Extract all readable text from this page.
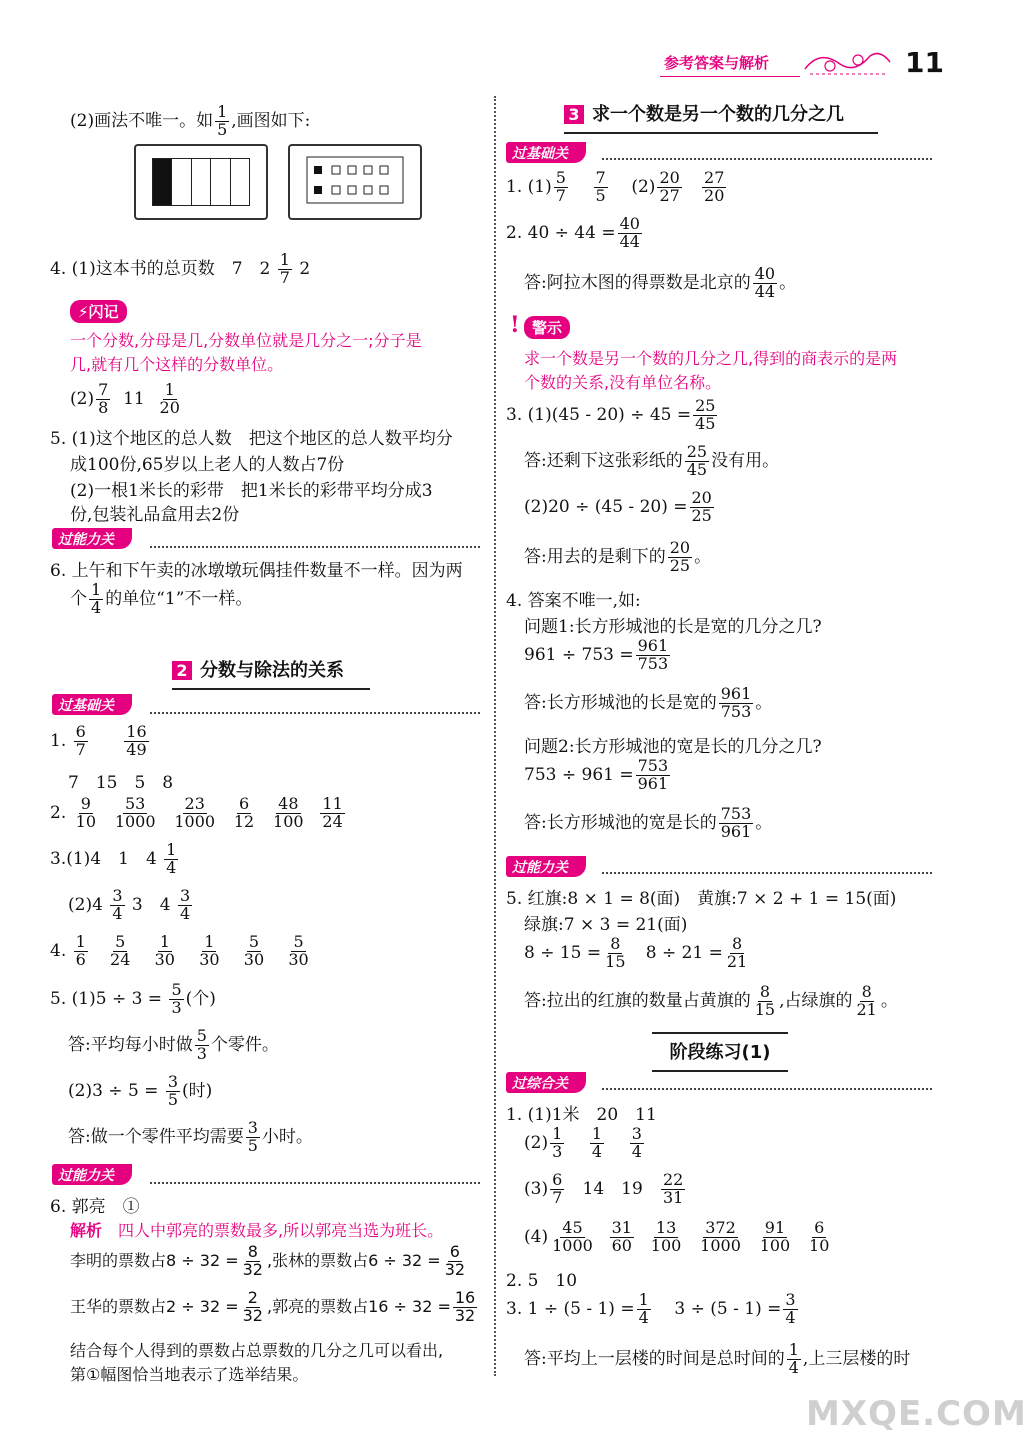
参考答案与解析	11
(2)画法不唯一。如 $\frac{1}{5}$ ,画图如下:
4. (1)这本书的总页数　7　$2 \frac{1}{7} 2$
⚡闪记
一个分数,分母是几,分数单位就是几分之一;分子是
几,就有几个这样的分数单位。
$(2) \frac{7}{8} 11 \frac{1}{20}$
5. (1)这个地区的总人数　把这个地区的总人数平均分
成100份,65岁以上老人的人数占7份
(2)一根1米长的彩带　把1米长的彩带平均分成3
份,包装礼品盒用去2份
过能力关
6. 上午和下午卖的冰墩墩玩偶挂件数量不一样。因为两
个 $\frac{1}{4}$ 的单位“1”不一样。
2 分数与除法的关系
过基础关
1. $\frac{6}{7}$
$\frac{16}{49}$
7　15　5　8
2. $\frac{9}{10}$
$\frac{53}{1000}$
$\frac{23}{1000}$
$\frac{6}{12}$
$\frac{48}{100}$
$\frac{11}{24}$
3.(1)4　1　$4 \frac{1}{4}$
$(2)4 \frac{3}{4} 3$　$4 \frac{3}{4}$
4. $\frac{1}{6}$
$\frac{5}{24}$
$\frac{1}{30}$
$\frac{1}{30}$
$\frac{5}{30}$
$\frac{5}{30}$
5. $(1)5 \div 3 = \frac{5}{3}$ (个)
答:平均每小时做 $\frac{5}{3}$ 个零件。
$(2)3 \div 5 = \frac{3}{5}$ (时)
答:做一个零件平均需要 $\frac{3}{5}$ 小时。
过能力关
6. 郭亮　①
解析　 四人中郭亮的票数最多,所以郭亮当选为班长。
李明的票数占$8 \div 32 = \frac{8}{32}$ ,张林的票数占$6 \div 32 = \frac{6}{32}$
王华的票数占$2 \div 32 = \frac{2}{32}$ ,郭亮的票数占$16 \div 32 = \frac{16}{32}$
结合每个人得到的票数占总票数的几分之几可以看出,
第①幅图恰当地表示了选举结果。
3 求一个数是另一个数的几分之几
过基础关
1. $(1) \frac{5}{7}$
$\frac{7}{5} (2) \frac{20}{27}$
$\frac{27}{20}$
2. $40 \div 44 = \frac{40}{44}$
答:阿拉木图的得票数是北京的 $\frac{40}{44}$ 。
警示
!
求一个数是另一个数的几分之几,得到的商表示的是两
个数的关系,没有单位名称。
3. $(1)(45 - 20) \div 45 = \frac{25}{45}$
答:还剩下这张彩纸的 $\frac{25}{45}$ 没有用。
$(2)20 \div (45 - 20) = \frac{20}{25}$
答:用去的是剩下的 $\frac{20}{25}$ 。
4. 答案不唯一,如:
问题1:长方形城池的长是宽的几分之几?
$961 \div 753 = \frac{961}{753}$
答:长方形城池的长是宽的 $\frac{961}{753}$ 。
问题2:长方形城池的宽是长的几分之几?
$753 \div 961 = \frac{753}{961}$
答:长方形城池的宽是长的 $\frac{753}{961}$ 。
过能力关
5. 红旗:8 × 1 = 8(面)　黄旗:7 × 2 + 1 = 15(面)
绿旗:7 × 3 = 21(面)
$8 \div 15 = \frac{8}{15} 8 \div 21 = \frac{8}{21}$
答:拉出的红旗的数量占黄旗的 $\frac{8}{15}$ ,占绿旗的 $\frac{8}{21}$ 。
阶段练习(1)
过综合关
1. (1)1米　20　11
$(2) \frac{1}{3}$
$\frac{1}{4}$
$\frac{3}{4}$
$(3) \frac{6}{7} 14$　$19 \frac{22}{31}$
$(4) \frac{45}{1000}$
$\frac{31}{60}$
$\frac{13}{100}$
$\frac{372}{1000}$
$\frac{91}{100}$
$\frac{6}{10}$
2. 5　10
3. $1 \div (5 - 1) = \frac{1}{4} 3 \div (5 - 1) = \frac{3}{4}$
答:平均上一层楼的时间是总时间的 $\frac{1}{4}$ ,上三层楼的时
MXQE.COM
